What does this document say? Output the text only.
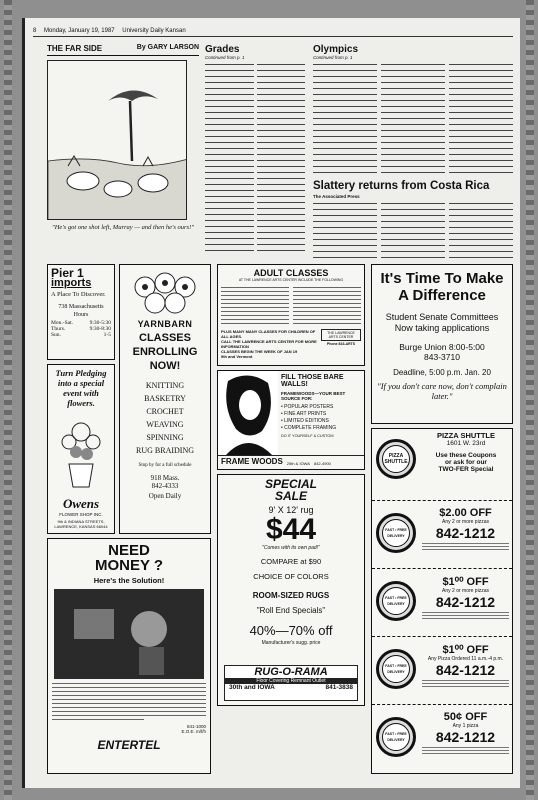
8 Monday, January 19, 1987 University Daily Kansan
THE FAR SIDE	By GARY LARSON
"He's got one shot left, Murray — and then he's ours!"
Grades
Continued from p. 1
Olympics
Continued from p. 1
Slattery returns from Costa Rica
The Associated Press
Pier 1
imports
A Place To Discover.
738 Massachusetts
Hours
Mon.-Sat.	9:30-5:30
Thurs.	9:30-8:30
Sun.	1-5
Turn Pledging into a special event with flowers.
Owens
FLOWER SHOP INC.
9th & INDIANA STREETS, LAWRENCE, KANSAS 66044
YARNBARN
CLASSES ENROLLING NOW!
KNITTING
BASKETRY
CROCHET
WEAVING
SPINNING
RUG BRAIDING
Stop by for a full schedule
918 Mass.
842-4333
Open Daily
ADULT CLASSES
AT THE LAWRENCE ARTS CENTER INCLUDE THE FOLLOWING
PLUS MANY MANY CLASSES FOR CHILDREN OF ALL AGES.
CALL THE LAWRENCE ARTS CENTER FOR MORE INFORMATION
CLASSES BEGIN THE WEEK OF JAN 19
9th and Vermont
THE LAWRENCE ARTS CENTER
Phone 843-ARTS
FILL THOSE BARE WALLS!
FRAMEWOODS—YOUR BEST SOURCE FOR:
• POPULAR POSTERS
• FINE ART PRINTS
• LIMITED EDITIONS
• COMPLETE FRAMING
DO IT YOURSELF & CUSTOM
FRAME WOODS 25th & IOWA 842-4900
It's Time To Make A Difference
Student Senate Committees Now taking applications
Burge Union 8:00-5:00
843-3710
Deadline, 5:00 p.m. Jan. 20
"If you don't care now, don't complain later."
SPECIAL
SALE
9' X 12' rug
$44
"Comes with its own pad!"
COMPARE at $90
CHOICE OF COLORS
ROOM-SIZED RUGS
"Roll End Specials"
40%—70% off
Manufacturer's sugg. price
RUG-O-RAMA
Floor Covering Remnant Outlet
30th and IOWA	841-3838
NEED
MONEY ?
Here's the Solution!
841-1000
E.O.E. m/f/h
ENTERTEL
PIZZA SHUTTLE
PIZZA SHUTTLE
1601 W. 23rd
Use these Coupons
or ask for our
TWO-FER Special
FAST • FREE DELIVERY
$2.00 OFF
Any 2 or more pizzas
842-1212
FAST • FREE DELIVERY
$1⁰⁰ OFF
Any 2 or more pizzas
842-1212
FAST • FREE DELIVERY
$1⁰⁰ OFF
Any Pizza Ordered 11 a.m.-4 p.m.
842-1212
FAST • FREE DELIVERY
50¢ OFF
Any 1 pizza
842-1212
